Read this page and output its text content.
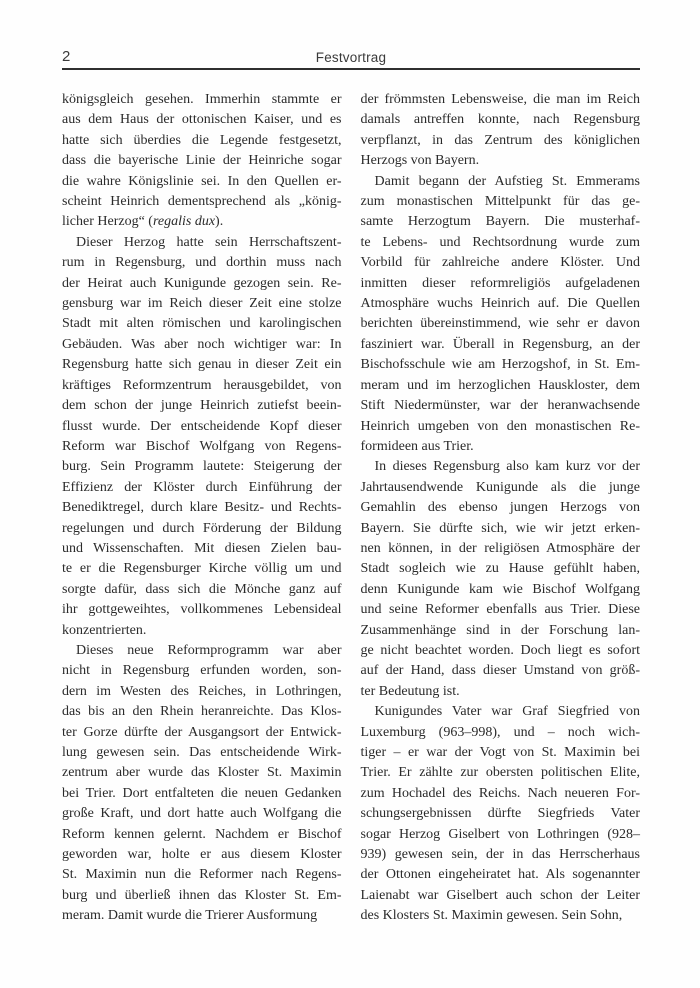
2	Festvortrag
königsgleich gesehen. Immerhin stammte er
aus dem Haus der ottonischen Kaiser, und es
hatte sich überdies die Legende festgesetzt,
dass die bayerische Linie der Heinriche sogar
die wahre Königslinie sei. In den Quellen er-
scheint Heinrich dementsprechend als „könig-
licher Herzog“ (regalis dux).
Dieser Herzog hatte sein Herrschaftszent-
rum in Regensburg, und dorthin muss nach
der Heirat auch Kunigunde gezogen sein. Re-
gensburg war im Reich dieser Zeit eine stolze
Stadt mit alten römischen und karolingischen
Gebäuden. Was aber noch wichtiger war: In
Regensburg hatte sich genau in dieser Zeit ein
kräftiges Reformzentrum herausgebildet, von
dem schon der junge Heinrich zutiefst beein-
flusst wurde. Der entscheidende Kopf dieser
Reform war Bischof Wolfgang von Regens-
burg. Sein Programm lautete: Steigerung der
Effizienz der Klöster durch Einführung der
Benediktregel, durch klare Besitz- und Rechts-
regelungen und durch Förderung der Bildung
und Wissenschaften. Mit diesen Zielen bau-
te er die Regensburger Kirche völlig um und
sorgte dafür, dass sich die Mönche ganz auf
ihr gottgeweihtes, vollkommenes Lebensideal
konzentrierten.
Dieses neue Reformprogramm war aber
nicht in Regensburg erfunden worden, son-
dern im Westen des Reiches, in Lothringen,
das bis an den Rhein heranreichte. Das Klos-
ter Gorze dürfte der Ausgangsort der Entwick-
lung gewesen sein. Das entscheidende Wirk-
zentrum aber wurde das Kloster St. Maximin
bei Trier. Dort entfalteten die neuen Gedanken
große Kraft, und dort hatte auch Wolfgang die
Reform kennen gelernt. Nachdem er Bischof
geworden war, holte er aus diesem Kloster
St. Maximin nun die Reformer nach Regens-
burg und überließ ihnen das Kloster St. Em-
meram. Damit wurde die Trierer Ausformung
der frömmsten Lebensweise, die man im Reich
damals antreffen konnte, nach Regensburg
verpflanzt, in das Zentrum des königlichen
Herzogs von Bayern.
Damit begann der Aufstieg St. Emmerams
zum monastischen Mittelpunkt für das ge-
samte Herzogtum Bayern. Die musterhaf-
te Lebens- und Rechtsordnung wurde zum
Vorbild für zahlreiche andere Klöster. Und
inmitten dieser reformreligiös aufgeladenen
Atmosphäre wuchs Heinrich auf. Die Quellen
berichten übereinstimmend, wie sehr er davon
fasziniert war. Überall in Regensburg, an der
Bischofsschule wie am Herzogshof, in St. Em-
meram und im herzoglichen Hauskloster, dem
Stift Niedermünster, war der heranwachsende
Heinrich umgeben von den monastischen Re-
formideen aus Trier.
In dieses Regensburg also kam kurz vor der
Jahrtausendwende Kunigunde als die junge
Gemahlin des ebenso jungen Herzogs von
Bayern. Sie dürfte sich, wie wir jetzt erken-
nen können, in der religiösen Atmosphäre der
Stadt sogleich wie zu Hause gefühlt haben,
denn Kunigunde kam wie Bischof Wolfgang
und seine Reformer ebenfalls aus Trier. Diese
Zusammenhänge sind in der Forschung lan-
ge nicht beachtet worden. Doch liegt es sofort
auf der Hand, dass dieser Umstand von größ-
ter Bedeutung ist.
Kunigundes Vater war Graf Siegfried von
Luxemburg (963–998), und – noch wich-
tiger – er war der Vogt von St. Maximin bei
Trier. Er zählte zur obersten politischen Elite,
zum Hochadel des Reichs. Nach neueren For-
schungsergebnissen dürfte Siegfrieds Vater
sogar Herzog Giselbert von Lothringen (928–
939) gewesen sein, der in das Herrscherhaus
der Ottonen eingeheiratet hat. Als sogenannter
Laienabt war Giselbert auch schon der Leiter
des Klosters St. Maximin gewesen. Sein Sohn,
